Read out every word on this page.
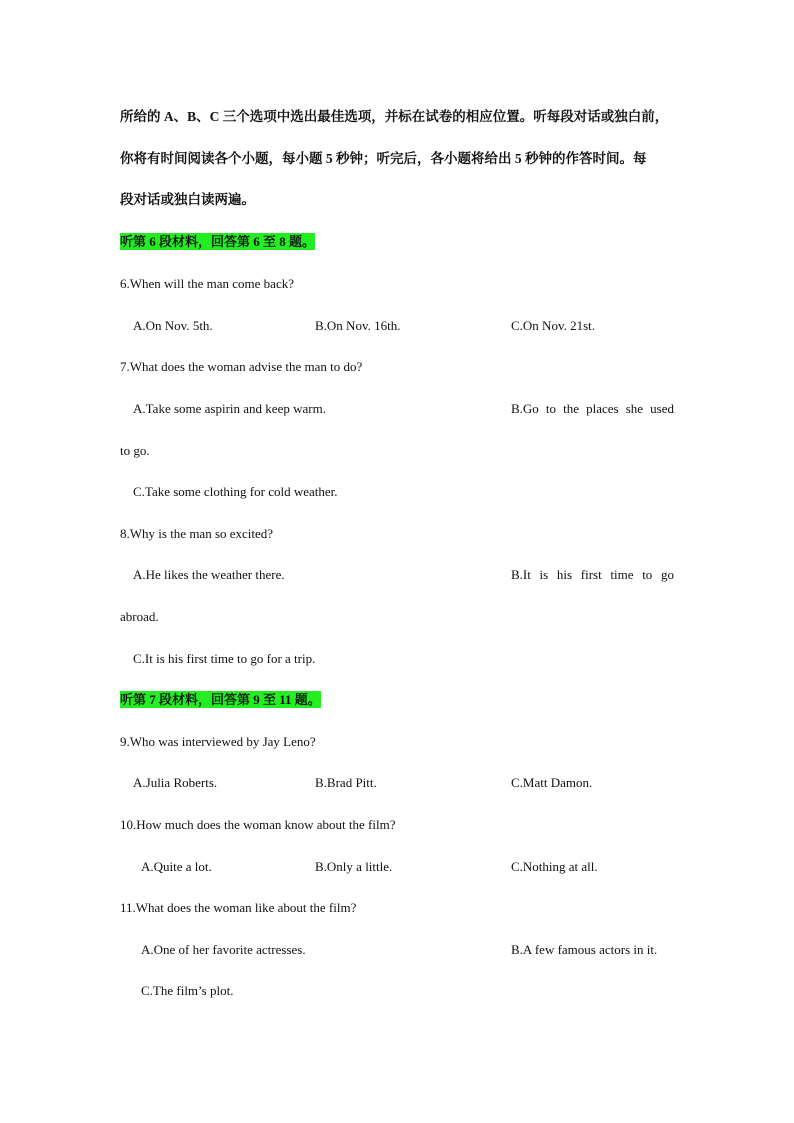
所给的 A、B、C 三个选项中选出最佳选项，并标在试卷的相应位置。听每段对话或独白前，
你将有时间阅读各个小题，每小题 5 秒钟；听完后，各小题将给出 5 秒钟的作答时间。每
段对话或独白读两遍。
听第 6 段材料，回答第 6 至 8 题。
6.When will the man come back?
A.On Nov. 5th.	B.On Nov. 16th.	C.On Nov. 21st.
7.What does the woman advise the man to do?
A.Take some aspirin and keep warm.	B.Go to the places she used
to go.
C.Take some clothing for cold weather.
8.Why is the man so excited?
A.He likes the weather there.	B.It is his first time to go
abroad.
C.It is his first time to go for a trip.
听第 7 段材料，回答第 9 至 11 题。
9.Who was interviewed by Jay Leno?
A.Julia Roberts.	B.Brad Pitt.	C.Matt Damon.
10.How much does the woman know about the film?
A.Quite a lot.	B.Only a little.	C.Nothing at all.
11.What does the woman like about the film?
A.One of her favorite actresses.	B.A few famous actors in it.
C.The film’s plot.
